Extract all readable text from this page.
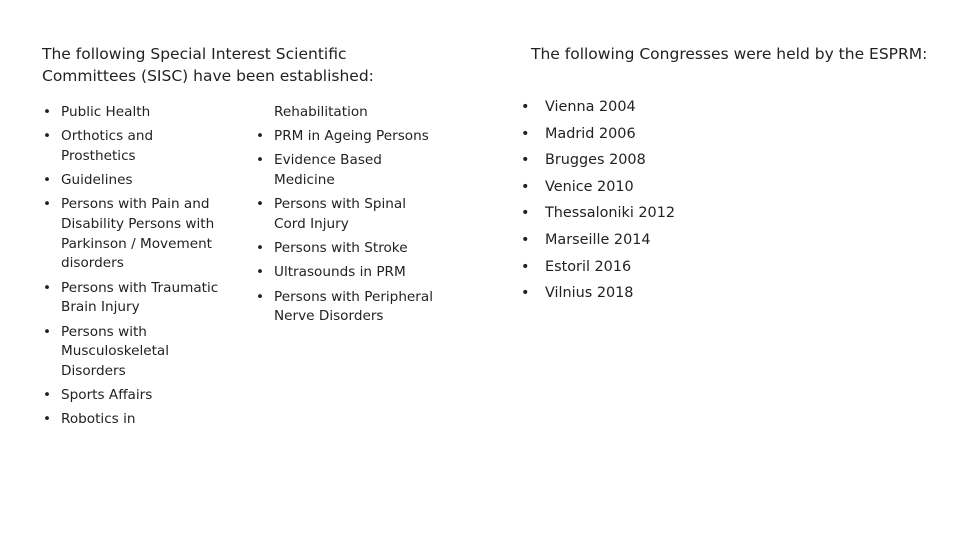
The following Special Interest Scientific Committees (SISC) have been established:
• Public Health
• Orthotics and Prosthetics
• Guidelines
• Persons with Pain and Disability Persons with Parkinson / Movement disorders
• Persons with Traumatic Brain Injury
• Persons with Musculoskeletal Disorders
• Sports Affairs
• Robotics in
Rehabilitation
• PRM in Ageing Persons
• Evidence Based Medicine
• Persons with Spinal Cord Injury
• Persons with Stroke
• Ultrasounds in PRM
• Persons with Peripheral Nerve Disorders
The following Congresses were held by the ESPRM:
• Vienna 2004
• Madrid 2006
• Brugges 2008
• Venice 2010
• Thessaloniki 2012
• Marseille 2014
• Estoril 2016
• Vilnius 2018
